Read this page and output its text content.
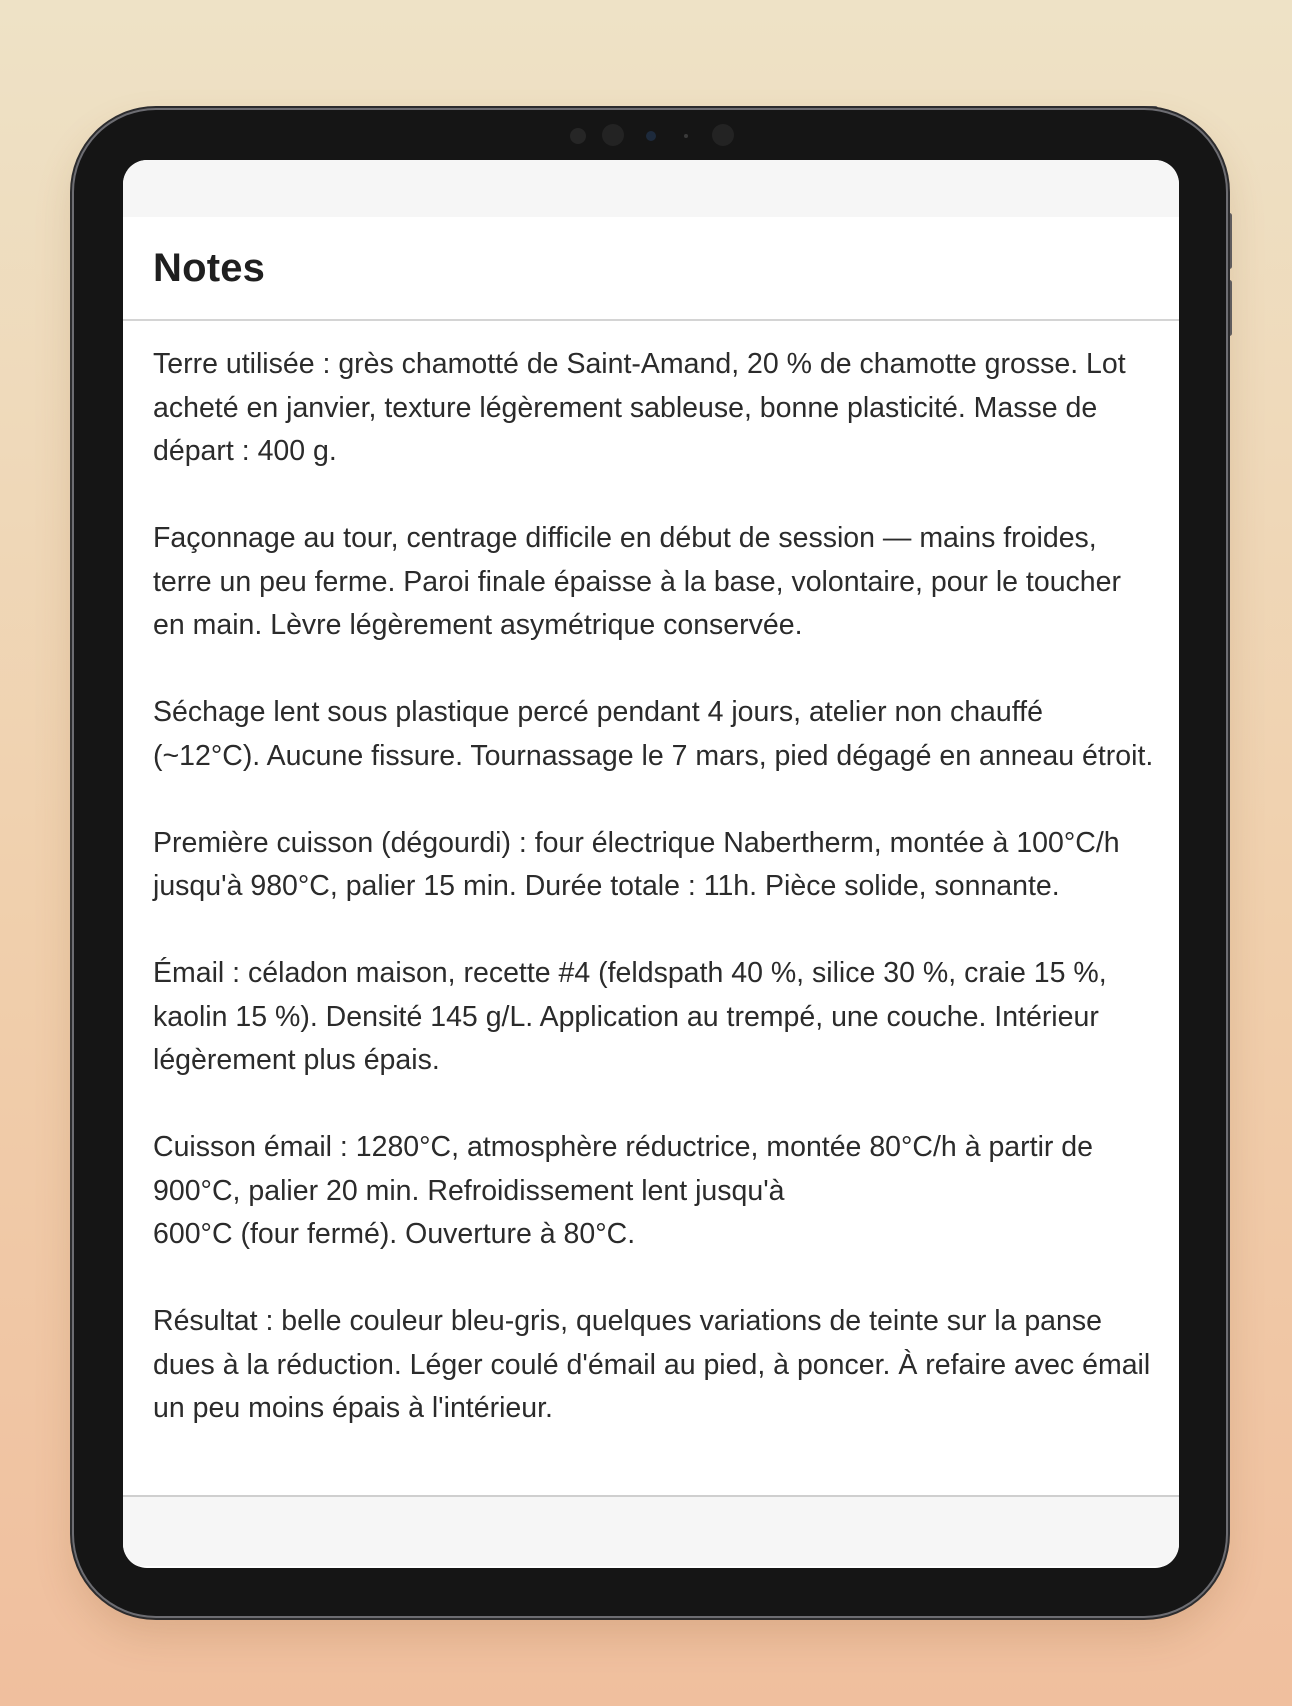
Notes

Terre utilisée : grès chamotté de Saint-Amand, 20 % de chamotte grosse. Lot acheté en janvier, texture légèrement sableuse, bonne plasticité. Masse de départ : 400 g.

Façonnage au tour, centrage difficile en début de session — mains froides, terre un peu ferme. Paroi finale épaisse à la base, volontaire, pour le toucher en main. Lèvre légèrement asymétrique conservée.

Séchage lent sous plastique percé pendant 4 jours, atelier non chauffé (~12°C). Aucune fissure. Tournassage le 7 mars, pied dégagé en anneau étroit.

Première cuisson (dégourdi) : four électrique Nabertherm, montée à 100°C/h jusqu'à 980°C, palier 15 min. Durée totale : 11h. Pièce solide, sonnante.

Émail : céladon maison, recette #4 (feldspath 40 %, silice 30 %, craie 15 %, kaolin 15 %). Densité 145 g/L. Application au trempé, une couche. Intérieur légèrement plus épais.

Cuisson émail : 1280°C, atmosphère réductrice, montée 80°C/h à partir de 900°C, palier 20 min. Refroidissement lent jusqu'à
600°C (four fermé). Ouverture à 80°C.

Résultat : belle couleur bleu-gris, quelques variations de teinte sur la panse dues à la réduction. Léger coulé d'émail au pied, à poncer. À refaire avec émail un peu moins épais à l'intérieur.
